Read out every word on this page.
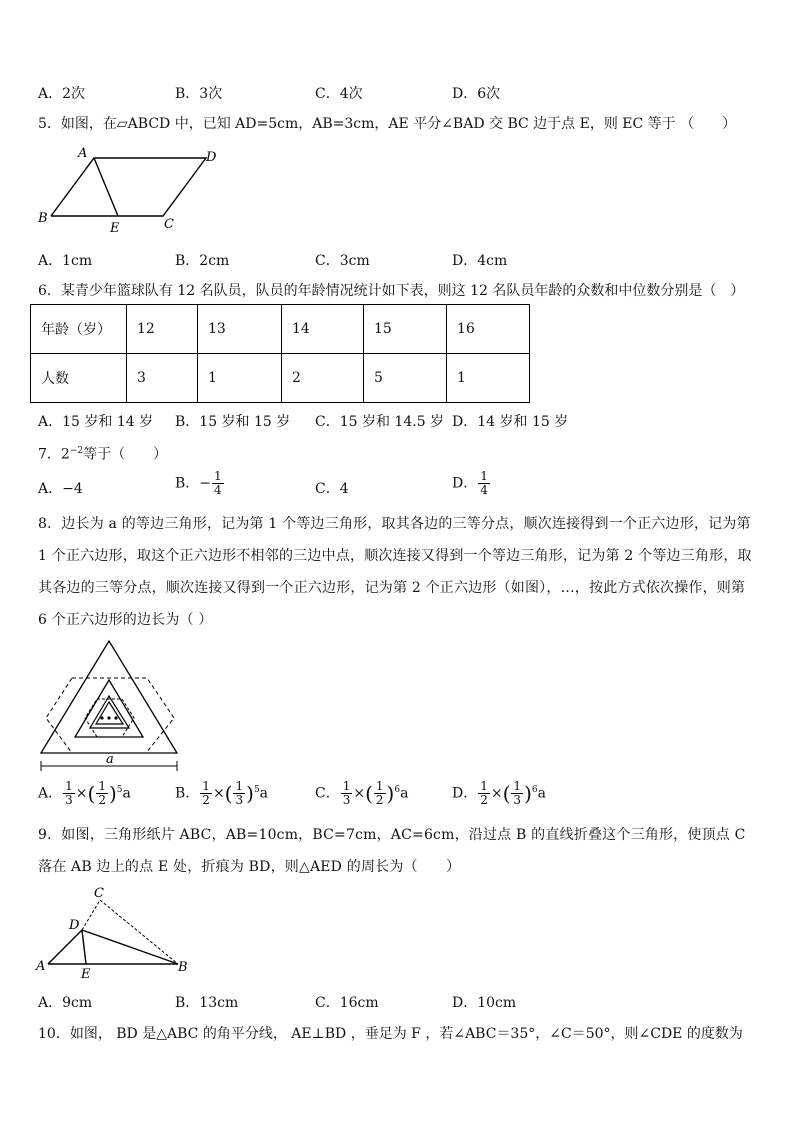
A．2次	B．3次	C．4次	D．6次
5．如图，在▱ABCD 中，已知 AD=5cm，AB=3cm，AE 平分∠BAD 交 BC 边于点 E，则 EC 等于 （　　）
A	D
B
E	C
A．1cm	B．2cm	C．3cm	D．4cm
6．某青少年篮球队有 12 名队员，队员的年龄情况统计如下表，则这 12 名队员年龄的众数和中位数分别是（　）
年龄（岁）	12	13	14	15	16
人数	3	1	2	5	1
A．15 岁和 14 岁 B．15 岁和 15 岁 C．15 岁和 14.5 岁 D．14 岁和 15 岁
7．$2^{-2}$等于（　　）
A．−4	B．− $\frac{1}{4}$	C．4	D． $\frac{1}{4}$
8．边长为 a 的等边三角形，记为第 1 个等边三角形，取其各边的三等分点，顺次连接得到一个正六边形，记为第 1 个正六边形，取这个正六边形不相邻的三边中点，顺次连接又得到一个等边三角形，记为第 2 个等边三角形，取其各边的三等分点，顺次连接又得到一个正六边形，记为第 2 个正六边形（如图），…，按此方式依次操作，则第 6 个正六边形的边长为（ ）
a
A． $\frac{1}{3}$ ×( $\frac{1}{2} )^5a$	B． $\frac{1}{2}$ ×( $\frac{1}{3} )^5a$	C． $\frac{1}{3}$ ×( $\frac{1}{2} )^6a$	D． $\frac{1}{2}$ ×( $\frac{1}{3} )^6a$
9．如图，三角形纸片 ABC，AB=10cm，BC=7cm，AC=6cm，沿过点 B 的直线折叠这个三角形，使顶点 C 落在 AB 边上的点 E 处，折痕为 BD，则△AED 的周长为（　　）
C
D
A
E	B
A．9cm	B．13cm	C．16cm	D．10cm
10．如图， BD 是△ABC 的角平分线， AE⊥BD ，垂足为 F ，若∠ABC＝35°，∠C＝50°，则∠CDE 的度数为
